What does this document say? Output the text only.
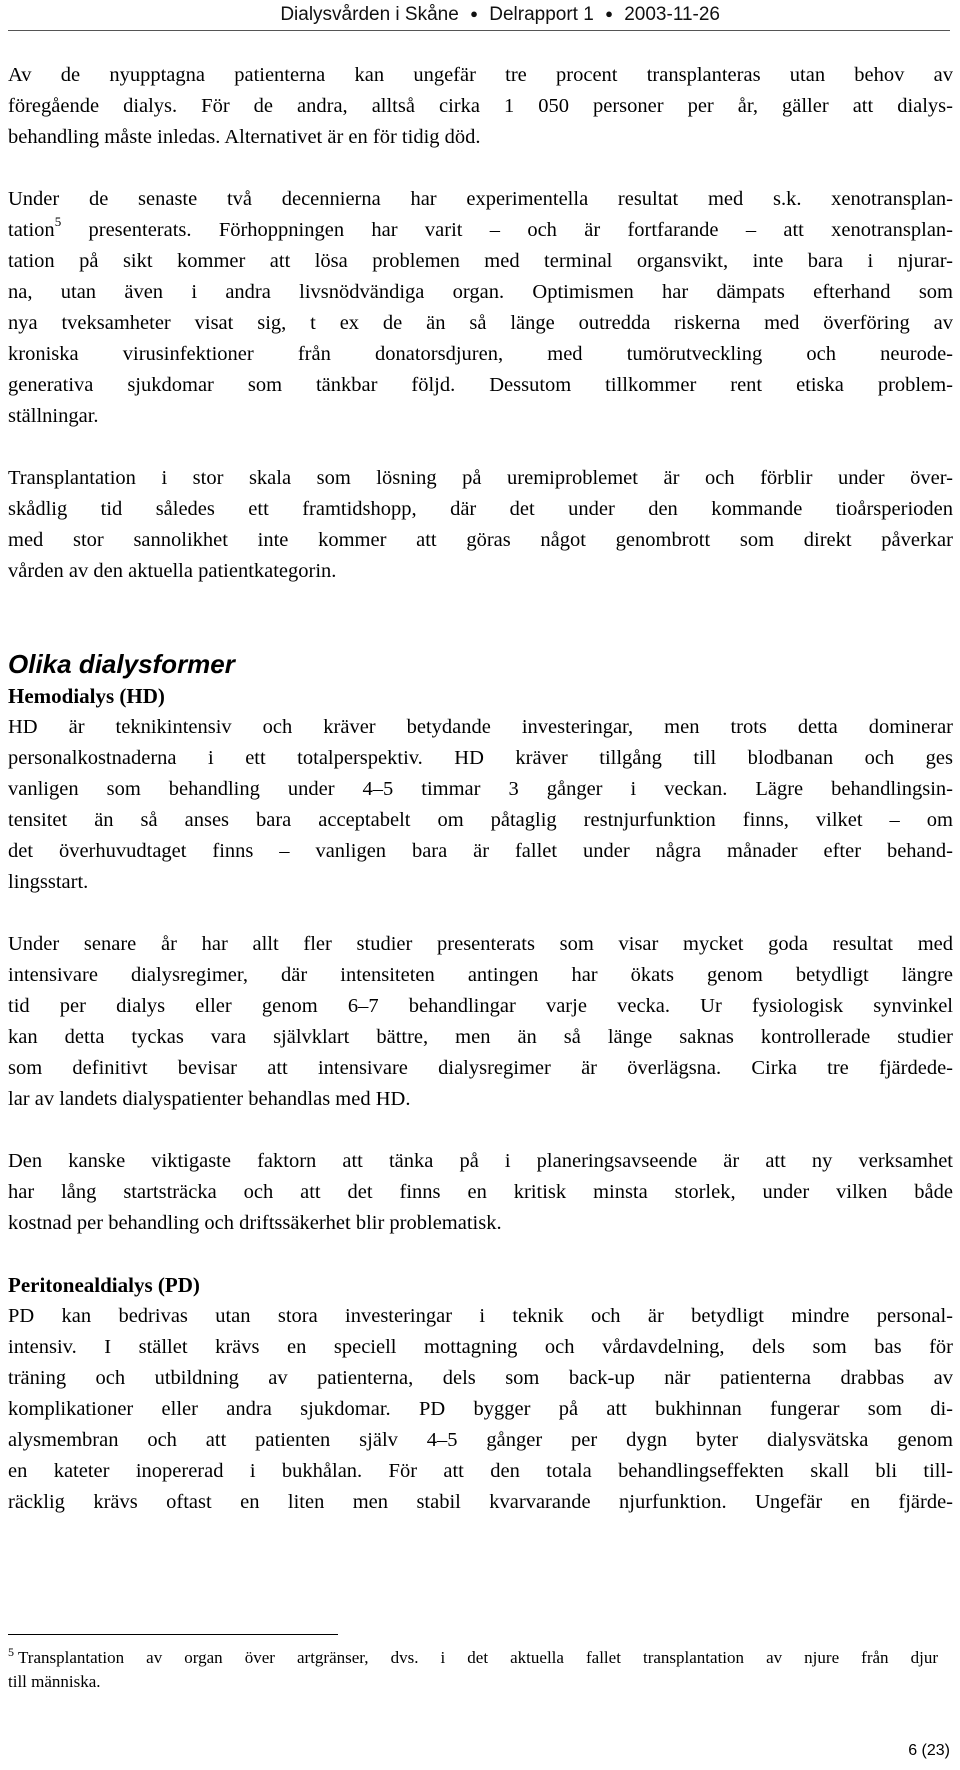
Dialysvården i Skåne ● Delrapport 1 ● 2003-11-26

Av de nyupptagna patienterna kan ungefär tre procent transplanteras utan behov av
föregående dialys. För de andra, alltså cirka 1 050 personer per år, gäller att dialys-
behandling måste inledas. Alternativet är en för tidig död.

Under de senaste två decennierna har experimentella resultat med s.k. xenotransplan-
tation$^5$ presenterats. Förhoppningen har varit – och är fortfarande – att xenotransplan-
tation på sikt kommer att lösa problemen med terminal organsvikt, inte bara i njurar-
na, utan även i andra livsnödvändiga organ. Optimismen har dämpats efterhand som
nya tveksamheter visat sig, t ex de än så länge outredda riskerna med överföring av
kroniska virusinfektioner från donatorsdjuren, med tumörutveckling och neurode-
generativa sjukdomar som tänkbar följd. Dessutom tillkommer rent etiska problem-
ställningar.

Transplantation i stor skala som lösning på uremiproblemet är och förblir under över-
skådlig tid således ett framtidshopp, där det under den kommande tioårsperioden
med stor sannolikhet inte kommer att göras något genombrott som direkt påverkar
vården av den aktuella patientkategorin.

Olika dialysformer
Hemodialys (HD)

HD är teknikintensiv och kräver betydande investeringar, men trots detta dominerar
personalkostnaderna i ett totalperspektiv. HD kräver tillgång till blodbanan och ges
vanligen som behandling under 4–5 timmar 3 gånger i veckan. Lägre behandlingsin-
tensitet än så anses bara acceptabelt om påtaglig restnjurfunktion finns, vilket – om
det överhuvudtaget finns – vanligen bara är fallet under några månader efter behand-
lingsstart.

Under senare år har allt fler studier presenterats som visar mycket goda resultat med
intensivare dialysregimer, där intensiteten antingen har ökats genom betydligt längre
tid per dialys eller genom 6–7 behandlingar varje vecka. Ur fysiologisk synvinkel
kan detta tyckas vara självklart bättre, men än så länge saknas kontrollerade studier
som definitivt bevisar att intensivare dialysregimer är överlägsna. Cirka tre fjärdede-
lar av landets dialyspatienter behandlas med HD.

Den kanske viktigaste faktorn att tänka på i planeringsavseende är att ny verksamhet
har lång startsträcka och att det finns en kritisk minsta storlek, under vilken både
kostnad per behandling och driftssäkerhet blir problematisk.

Peritonealdialys (PD)

PD kan bedrivas utan stora investeringar i teknik och är betydligt mindre personal-
intensiv. I stället krävs en speciell mottagning och vårdavdelning, dels som bas för
träning och utbildning av patienterna, dels som back-up när patienterna drabbas av
komplikationer eller andra sjukdomar. PD bygger på att bukhinnan fungerar som di-
alysmembran och att patienten själv 4–5 gånger per dygn byter dialysvätska genom
en kateter inopererad i bukhålan. För att den totala behandlingseffekten skall bli till-
räcklig krävs oftast en liten men stabil kvarvarande njurfunktion. Ungefär en fjärde-

$^5$ Transplantation av organ över artgränser, dvs. i det aktuella fallet transplantation av njure från djur
till människa.
6 (23)
